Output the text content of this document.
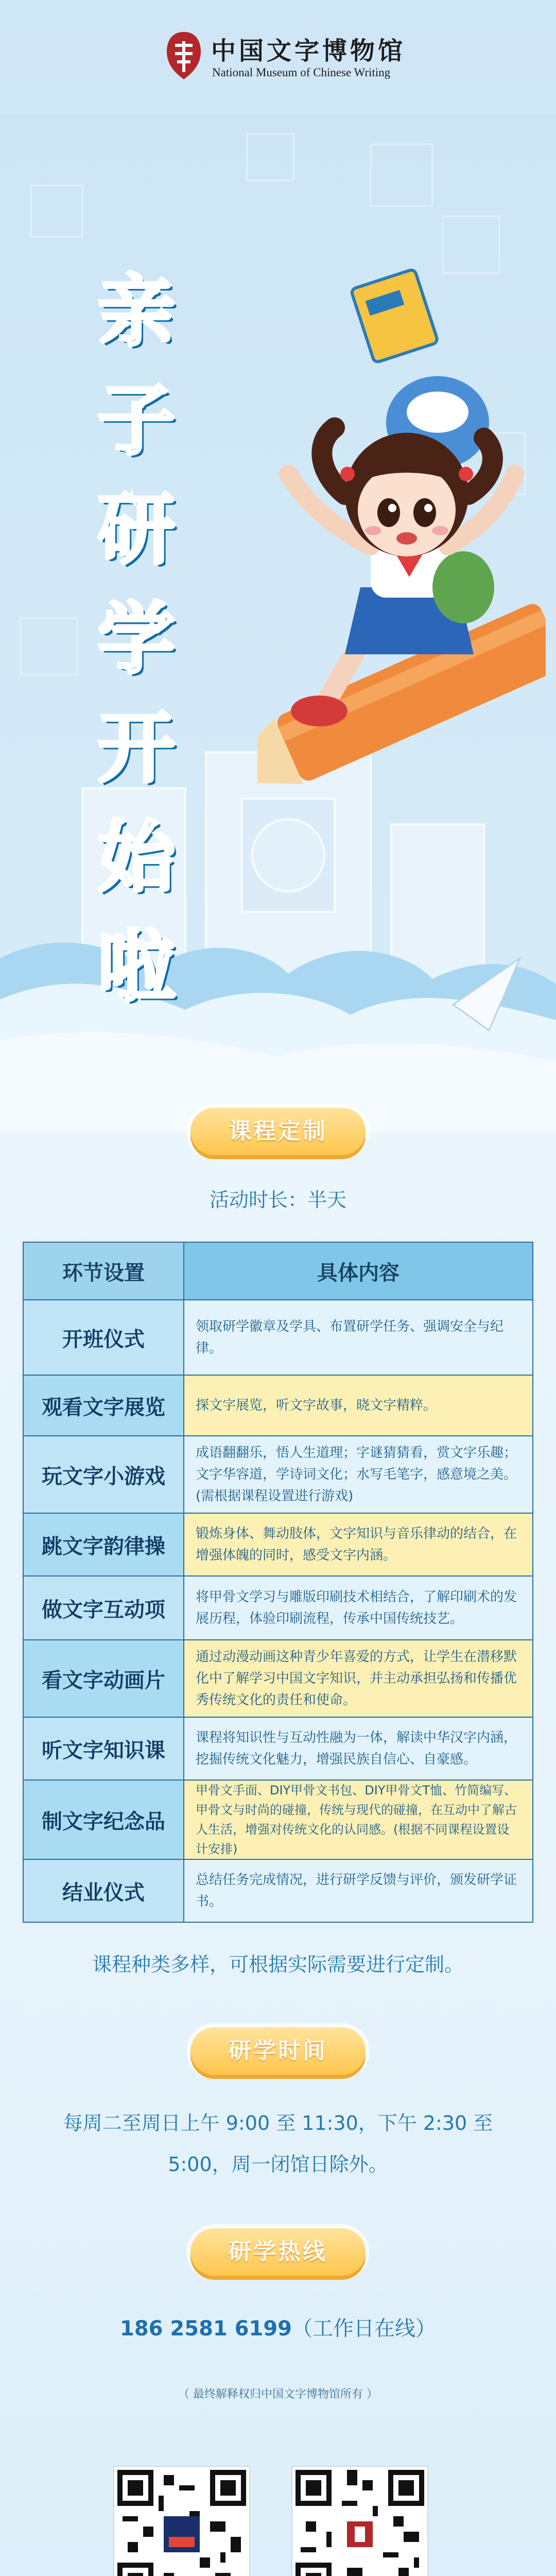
中国文字博物馆
National Museum of Chinese Writing
亲
子
研
学
开
始
啦
课程定制
活动时长：半天
环节设置	具体内容
开班仪式	领取研学徽章及学具、布置研学任务、强调安全与纪律。
观看文字展览	探文字展览，听文字故事，晓文字精粹。
玩文字小游戏	成语翻翻乐，悟人生道理；字谜猜猜看，赏文字乐趣；文字华容道，学诗词文化；水写毛笔字，感意境之美。(需根据课程设置进行游戏)
跳文字韵律操	锻炼身体、舞动肢体，文字知识与音乐律动的结合，在增强体魄的同时，感受文字内涵。
做文字互动项	将甲骨文学习与雕版印刷技术相结合，了解印刷术的发展历程，体验印刷流程，传承中国传统技艺。
看文字动画片	通过动漫动画这种青少年喜爱的方式，让学生在潜移默化中了解学习中国文字知识，并主动承担弘扬和传播优秀传统文化的责任和使命。
听文字知识课	课程将知识性与互动性融为一体，解读中华汉字内涵，挖掘传统文化魅力，增强民族自信心、自豪感。
制文字纪念品	甲骨文手面、DIY甲骨文书包、DIY甲骨文T恤、竹简编写、甲骨文与时尚的碰撞，传统与现代的碰撞，在互动中了解古人生活，增强对传统文化的认同感。(根据不同课程设置设计安排)
结业仪式	总结任务完成情况，进行研学反馈与评价，颁发研学证书。
课程种类多样，可根据实际需要进行定制。
研学时间
每周二至周日上午 9:00 至 11:30，下午 2:30 至
5:00，周一闭馆日除外。
研学热线
186 2581 6199（工作日在线）
（ 最终解释权归中国文字博物馆所有 ）
